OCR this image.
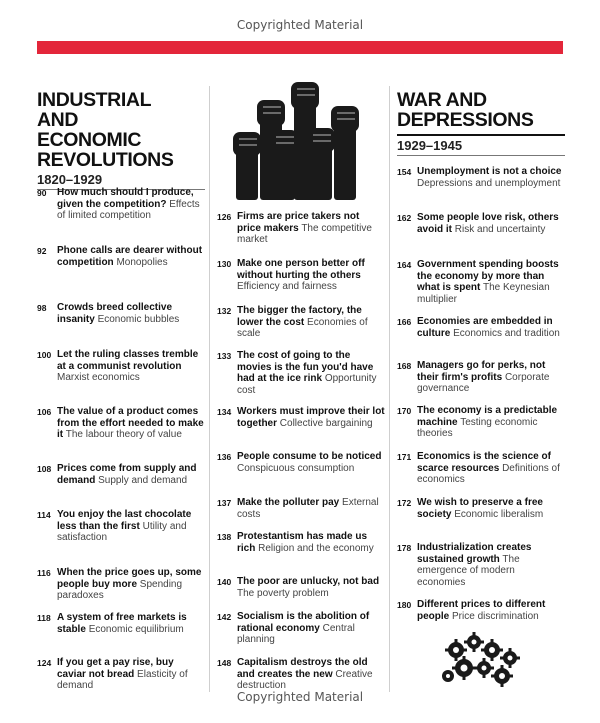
Copyrighted Material
INDUSTRIAL AND ECONOMIC REVOLUTIONS
1820–1929
90	How much should I produce, given the competition? Effects of limited competition
92	Phone calls are dearer without competition Monopolies
98	Crowds breed collective insanity Economic bubbles
100 Let the ruling classes tremble at a communist revolution Marxist economics
106 The value of a product comes from the effort needed to make it The labour theory of value
108 Prices come from supply and demand Supply and demand
114 You enjoy the last chocolate less than the first Utility and satisfaction
116 When the price goes up, some people buy more Spending paradoxes
118 A system of free markets is stable Economic equilibrium
124 If you get a pay rise, buy caviar not bread Elasticity of demand
126 Firms are price takers not price makers The competitive market
130 Make one person better off without hurting the others Efficiency and fairness
132 The bigger the factory, the lower the cost Economies of scale
133 The cost of going to the movies is the fun you'd have had at the ice rink Opportunity cost
134 Workers must improve their lot together Collective bargaining
136 People consume to be noticed Conspicuous consumption
137 Make the polluter pay External costs
138 Protestantism has made us rich Religion and the economy
140 The poor are unlucky, not bad The poverty problem
142 Socialism is the abolition of rational economy Central planning
148 Capitalism destroys the old and creates the new Creative destruction
WAR AND DEPRESSIONS
1929–1945
154 Unemployment is not a choice Depressions and unemployment
162 Some people love risk, others avoid it Risk and uncertainty
164 Government spending boosts the economy by more than what is spent The Keynesian multiplier
166 Economies are embedded in culture Economics and tradition
168 Managers go for perks, not their firm's profits Corporate governance
170 The economy is a predictable machine Testing economic theories
171 Economics is the science of scarce resources Definitions of economics
172 We wish to preserve a free society Economic liberalism
178 Industrialization creates sustained growth The emergence of modern economies
180 Different prices to different people Price discrimination
Copyrighted Material
